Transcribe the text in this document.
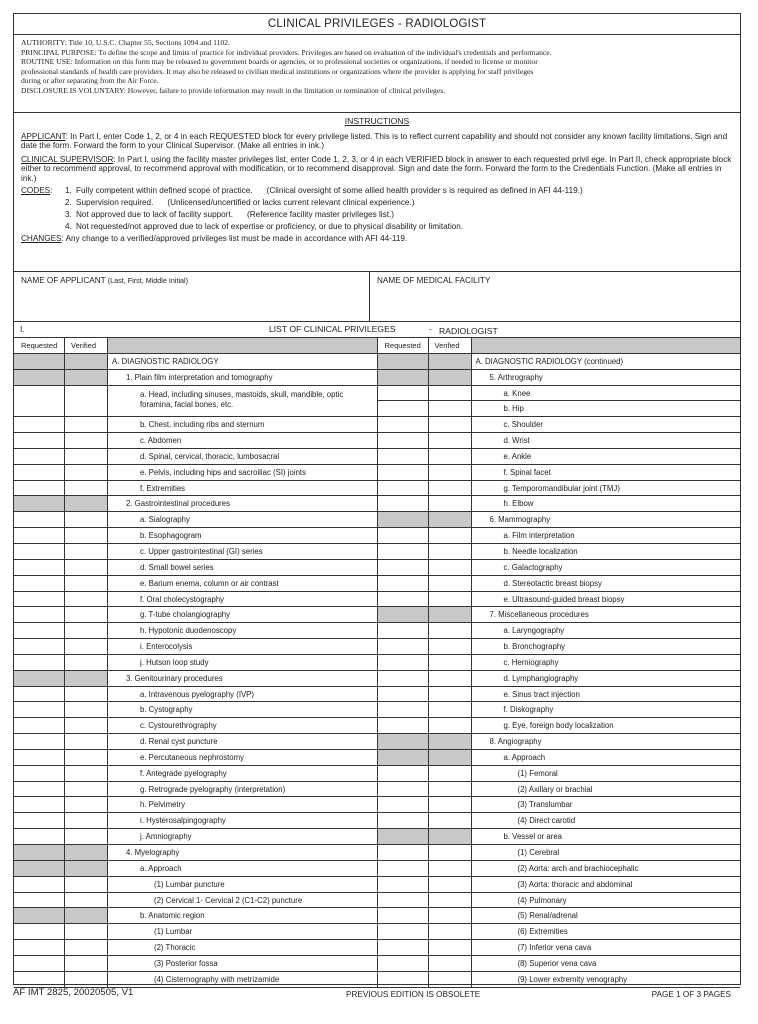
CLINICAL PRIVILEGES - RADIOLOGIST

AUTHORITY: Title 10, U.S.C. Chapter 55, Sections 1094 and 1102.

PRINCIPAL PURPOSE: To define the scope and limits of practice for individual providers. Privileges are based on evaluation of the individual's credentials and performance.

ROUTINE USE: Information on this form may be released to government boards or agencies, or to professional societies or organizations, if needed to license or monitor

professional standards of health care providers. It may also be released to civilian medical institutions or organizations where the provider is applying for staff privileges

during or after separating from the Air Force.

DISCLOSURE IS VOLUNTARY: However, failure to provide information may result in the limitation or termination of clinical privileges.

INSTRUCTIONS

APPLICANT: In Part I, enter Code 1, 2, or 4 in each REQUESTED block for every privilege listed. This is to reflect current capability and should not consider any known facility limitations. Sign and date the form. Forward the form to your Clinical Supervisor. (Make all entries in ink.)

CLINICAL SUPERVISOR: In Part I, using the facility master privileges list, enter Code 1, 2, 3, or 4 in each VERIFIED block in answer to each requested privil ege. In Part II, check appropriate block either to recommend approval, to recommend approval with modification, or to recommend disapproval. Sign and date the form. Forward the form to the Credentials Function. (Make all entries in ink.)

CODES:	1. Fully competent within defined scope of practice. (Clinical oversight of some allied health provider s is required as defined in AFI 44-119.)
2. Supervision required. (Unlicensed/uncertified or lacks current relevant clinical experience.)
3. Not approved due to lack of facility support. (Reference facility master privileges list.)
4. Not requested/not approved due to lack of expertise or proficiency, or due to physical disability or limitation.

CHANGES: Any change to a verified/approved privileges list must be made in accordance with AFI 44-119.

NAME OF APPLICANT (Last, First, Middle Initial)	NAME OF MEDICAL FACILITY
I.	LIST OF CLINICAL PRIVILEGES	- RADIOLOGIST
Requested	Verified
A. DIAGNOSTIC RADIOLOGY
1. Plain film interpretation and tomography
a. Head, including sinuses, mastoids, skull, mandible, optic foramina, facial bones, etc.
b. Chest, including ribs and sternum
c. Abdomen
d. Spinal, cervical, thoracic, lumbosacral
e. Pelvis, including hips and sacroiliac (SI) joints
f. Extremities
2. Gastrointestinal procedures
a. Sialography
b. Esophagogram
c. Upper gastrointestinal (GI) series
d. Small bowel series
e. Barium enema, column or air contrast
f. Oral cholecystography
g. T-tube cholangiography
h. Hypotonic duodenoscopy
i. Enterocolysis
j. Hutson loop study
3. Genitourinary procedures
a. Intravenous pyelography (IVP)
b. Cystography
c. Cystourethrography
d. Renal cyst puncture
e. Percutaneous nephrostomy
f. Antegrade pyelography
g. Retrograde pyelography (interpretation)
h. Pelvimetry
i. Hysterosalpingography
j. Amniography
4. Myelography
a. Approach
(1) Lumbar puncture
(2) Cervical 1- Cervical 2 (C1-C2) puncture
b. Anatomic region
(1) Lumbar
(2) Thoracic
(3) Posterior fossa
(4) Cisternography with metrizamide
Requested	Verified
A. DIAGNOSTIC RADIOLOGY (continued)
5. Arthrography
a. Knee
b. Hip
c. Shoulder
d. Wrist
e. Ankle
f. Spinal facet
g. Temporomandibular joint (TMJ)
h. Elbow
6. Mammography
a. Film interpretation
b. Needle localization
c. Galactography
d. Stereotactic breast biopsy
e. Ultrasound-guided breast biopsy
7. Miscellaneous procedures
a. Laryngography
b. Bronchography
c. Herniography
d. Lymphangiography
e. Sinus tract injection
f. Diskography
g. Eye, foreign body localization
8. Angiography
a. Approach
(1) Femoral
(2) Axillary or brachial
(3) Translumbar
(4) Direct carotid
b. Vessel or area
(1) Cerebral
(2) Aorta: arch and brachiocephalic
(3) Aorta: thoracic and abdominal
(4) Pulmonary
(5) Renal/adrenal
(6) Extremities
(7) Inferior vena cava
(8) Superior vena cava
(9) Lower extremity venography
AF IMT 2825, 20020505, V1	PREVIOUS EDITION IS OBSOLETE	PAGE 1 OF 3 PAGES
